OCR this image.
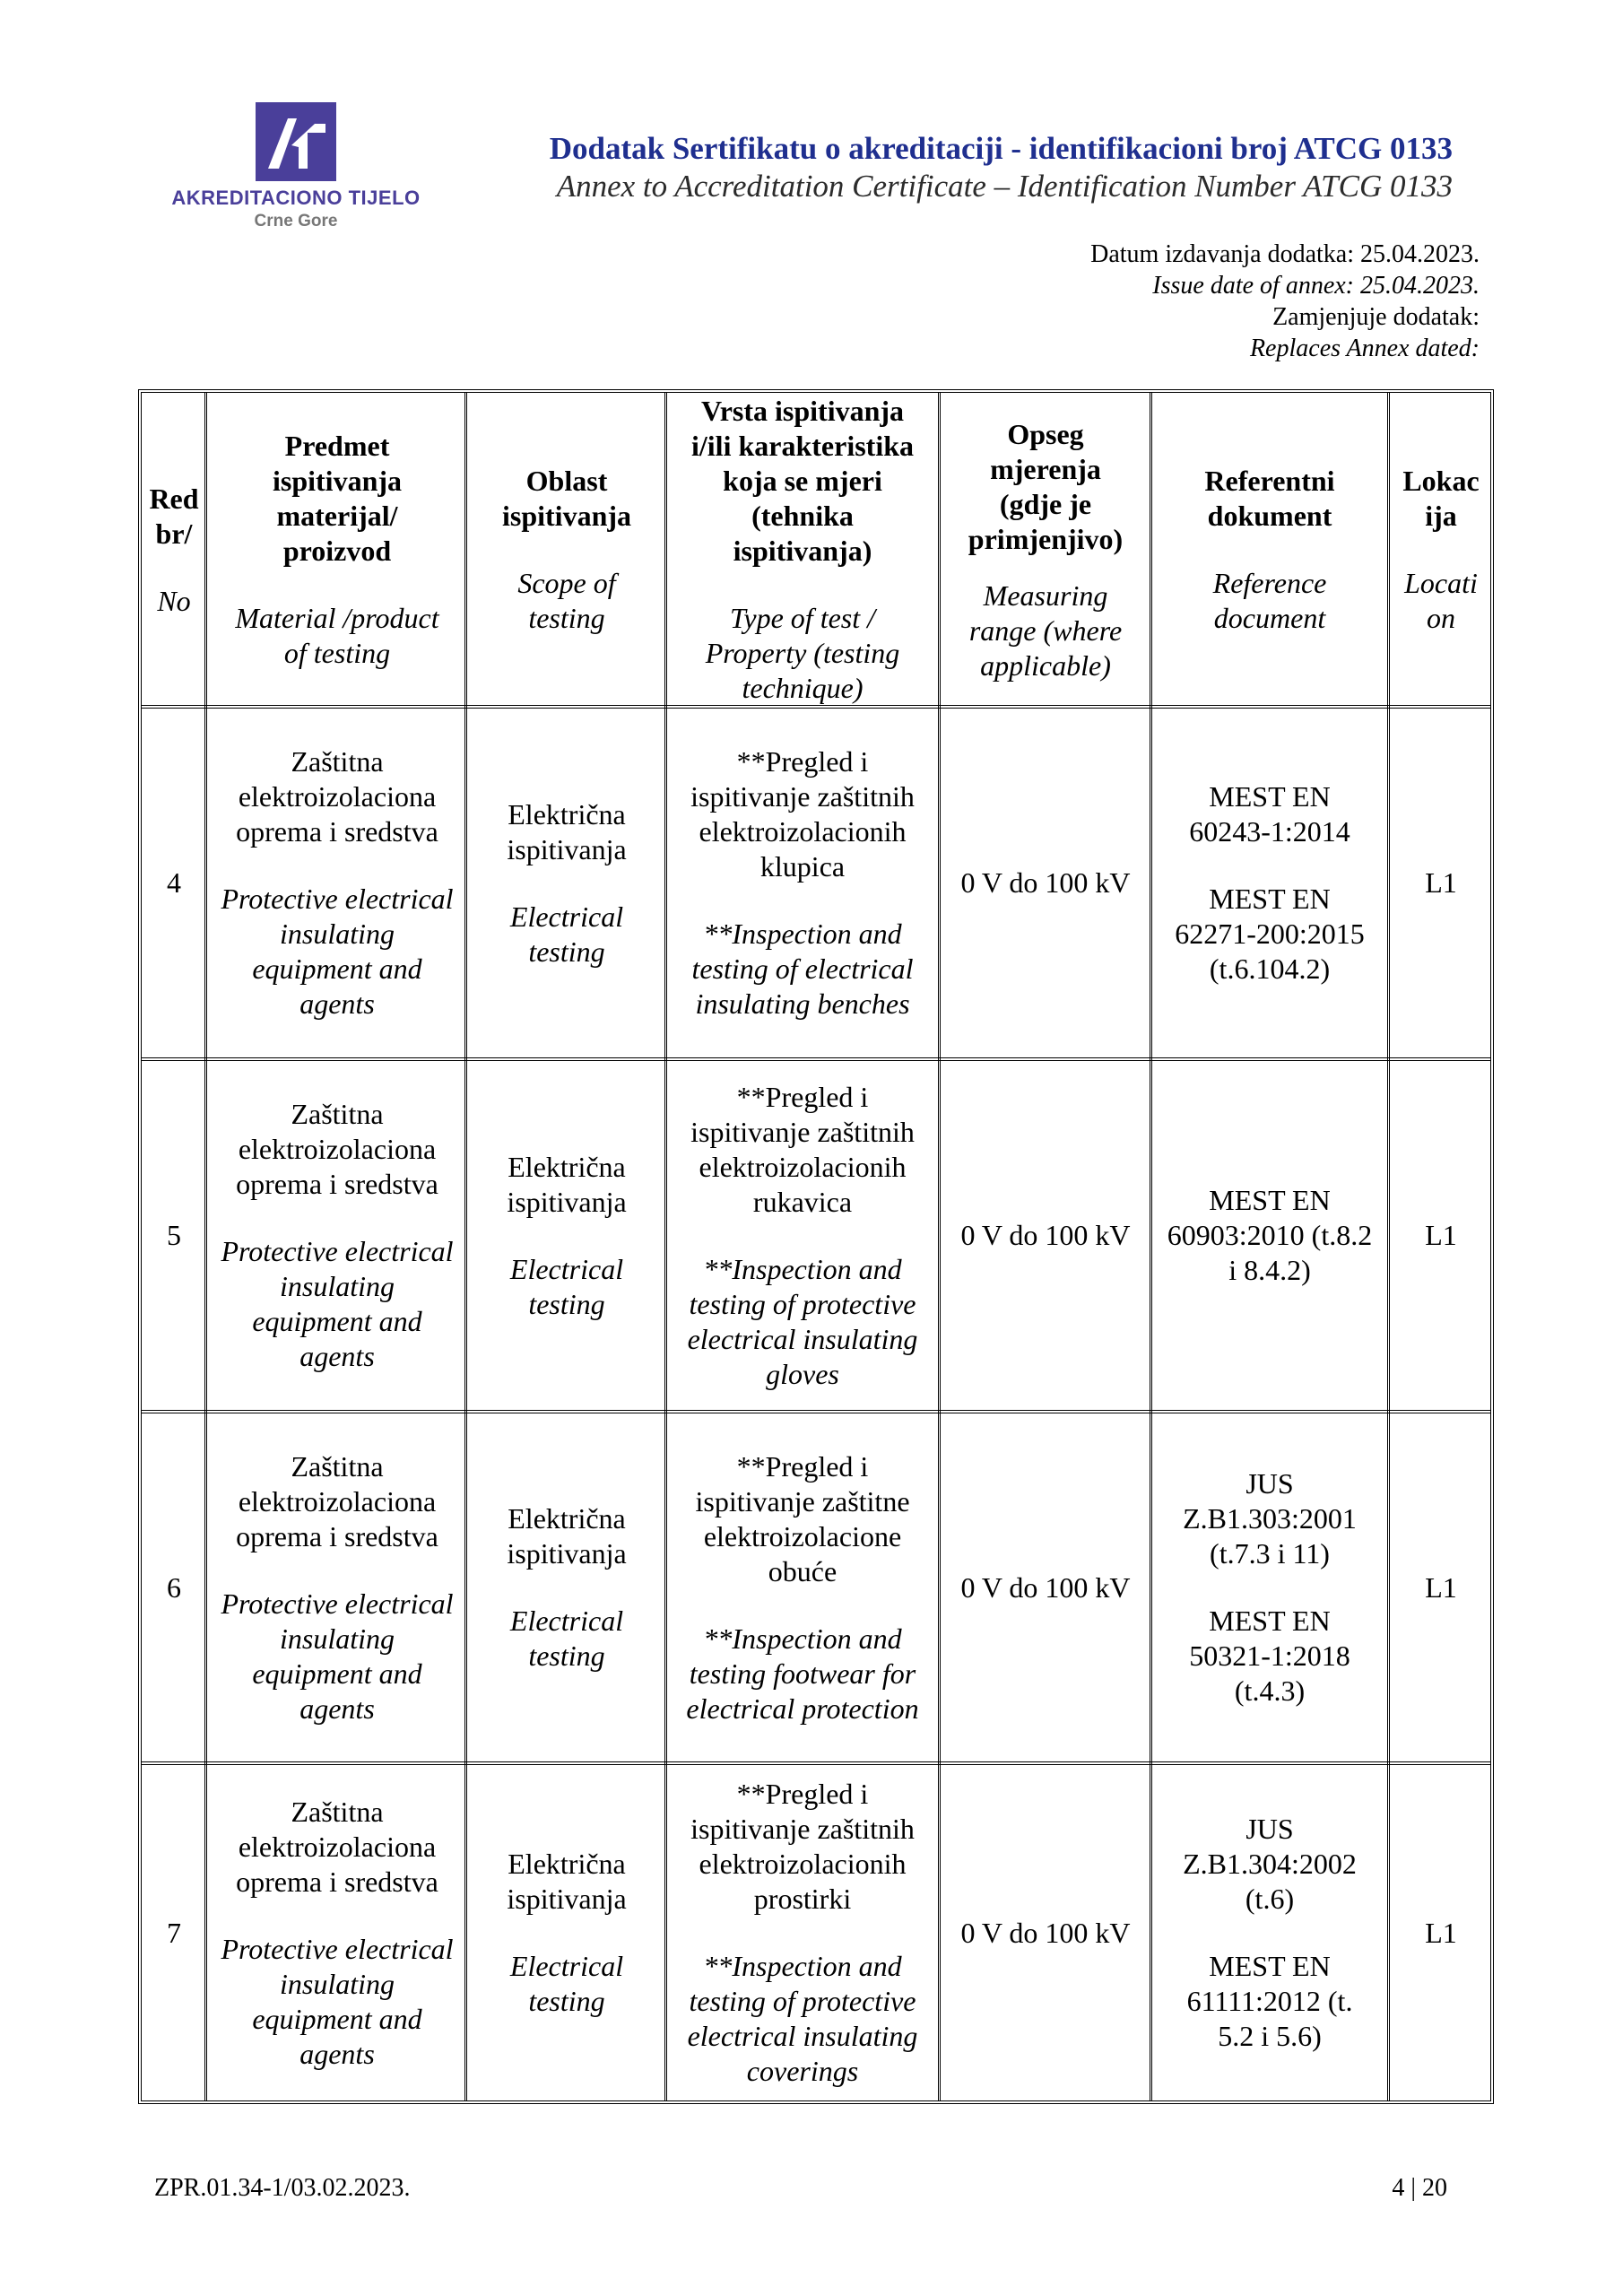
AKREDITACIONO TIJELO
Crne Gore
Dodatak Sertifikatu o akreditaciji - identifikacioni broj ATCG 0133
Annex to Accreditation Certificate – Identification Number ATCG 0133
Datum izdavanja dodatka: 25.04.2023.
Issue date of annex: 25.04.2023.
Zamjenjuje dodatak:
Replaces Annex dated:
Red br/
No
Predmet ispitivanja materijal/ proizvod
Material /product of testing
Oblast ispitivanja
Scope of testing
Vrsta ispitivanja i/ili karakteristika koja se mjeri (tehnika ispitivanja)
Type of test / Property (testing technique)
Opseg mjerenja (gdje je primjenjivo)
Measuring range (where applicable)
Referentni dokument
Reference document
Lokac ija
Locati on
4
Zaštitna elektroizolaciona oprema i sredstva
Protective electrical insulating equipment and agents
Električna ispitivanja
Electrical testing
**Pregled i ispitivanje zaštitnih elektroizolacionih klupica
**Inspection and testing of electrical insulating benches
0 V do 100 kV
MEST EN 60243-1:2014
MEST EN 62271-200:2015 (t.6.104.2)
L1
5
Zaštitna elektroizolaciona oprema i sredstva
Protective electrical insulating equipment and agents
Električna ispitivanja
Electrical testing
**Pregled i ispitivanje zaštitnih elektroizolacionih rukavica
**Inspection and testing of protective electrical insulating gloves
0 V do 100 kV
MEST EN 60903:2010 (t.8.2 i 8.4.2)
L1
6
Zaštitna elektroizolaciona oprema i sredstva
Protective electrical insulating equipment and agents
Električna ispitivanja
Electrical testing
**Pregled i ispitivanje zaštitne elektroizolacione obuće
**Inspection and testing footwear for electrical protection
0 V do 100 kV
JUS Z.B1.303:2001 (t.7.3 i 11)
MEST EN 50321-1:2018 (t.4.3)
L1
7
Zaštitna elektroizolaciona oprema i sredstva
Protective electrical insulating equipment and agents
Električna ispitivanja
Electrical testing
**Pregled i ispitivanje zaštitnih elektroizolacionih prostirki
**Inspection and testing of protective electrical insulating coverings
0 V do 100 kV
JUS Z.B1.304:2002 (t.6)
MEST EN 61111:2012 (t. 5.2 i 5.6)
L1
ZPR.01.34-1/03.02.2023.	4 | 20
